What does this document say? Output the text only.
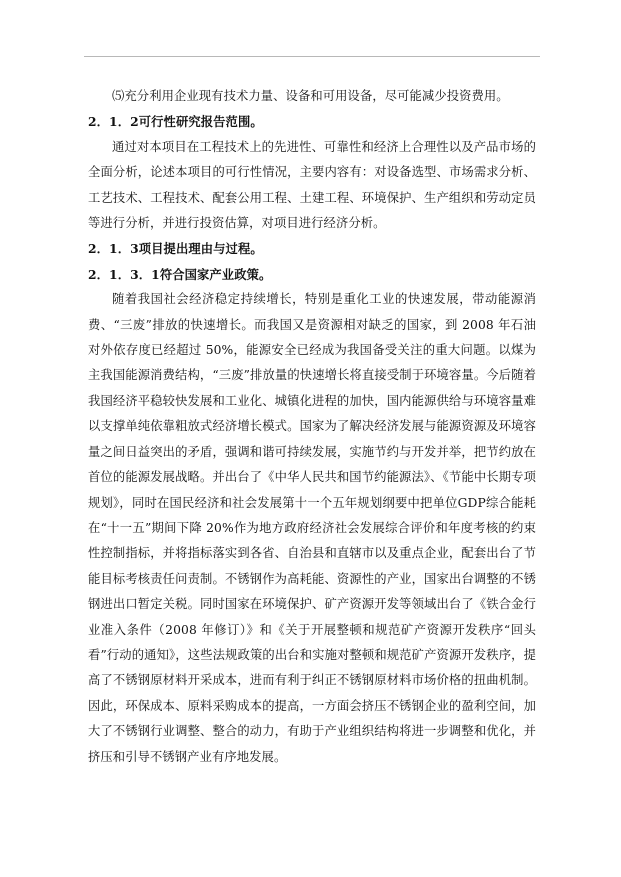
⑸充分利用企业现有技术力量、设备和可用设备，尽可能减少投资费用。

2．1．2可行性研究报告范围。

通过对本项目在工程技术上的先进性、可靠性和经济上合理性以及产品市场的全面分析，论述本项目的可行性情况，主要内容有：对设备选型、市场需求分析、工艺技术、工程技术、配套公用工程、土建工程、环境保护、生产组织和劳动定员等进行分析，并进行投资估算，对项目进行经济分析。

2．1．3项目提出理由与过程。

2．1．3．1符合国家产业政策。

随着我国社会经济稳定持续增长，特别是重化工业的快速发展，带动能源消费、“三废”排放的快速增长。而我国又是资源相对缺乏的国家，到 2008 年石油对外依存度已经超过 50%，能源安全已经成为我国备受关注的重大问题。以煤为主我国能源消费结构，“三废”排放量的快速增长将直接受制于环境容量。今后随着我国经济平稳较快发展和工业化、城镇化进程的加快，国内能源供给与环境容量难以支撑单纯依靠粗放式经济增长模式。国家为了解决经济发展与能源资源及环境容量之间日益突出的矛盾，强调和谐可持续发展，实施节约与开发并举，把节约放在首位的能源发展战略。并出台了《中华人民共和国节约能源法》、《节能中长期专项规划》，同时在国民经济和社会发展第十一个五年规划纲要中把单位GDP综合能耗在“十一五”期间下降 20%作为地方政府经济社会发展综合评价和年度考核的约束性控制指标，并将指标落实到各省、自治县和直辖市以及重点企业，配套出台了节能目标考核责任问责制。不锈钢作为高耗能、资源性的产业，国家出台调整的不锈钢进出口暂定关税。同时国家在环境保护、矿产资源开发等领域出台了《铁合金行业准入条件（2008 年修订）》和《关于开展整顿和规范矿产资源开发秩序“回头看”行动的通知》，这些法规政策的出台和实施对整顿和规范矿产资源开发秩序，提高了不锈钢原材料开采成本，进而有利于纠正不锈钢原材料市场价格的扭曲机制。因此，环保成本、原料采购成本的提高，一方面会挤压不锈钢企业的盈利空间，加大了不锈钢行业调整、整合的动力，有助于产业组织结构将进一步调整和优化，并挤压和引导不锈钢产业有序地发展。
